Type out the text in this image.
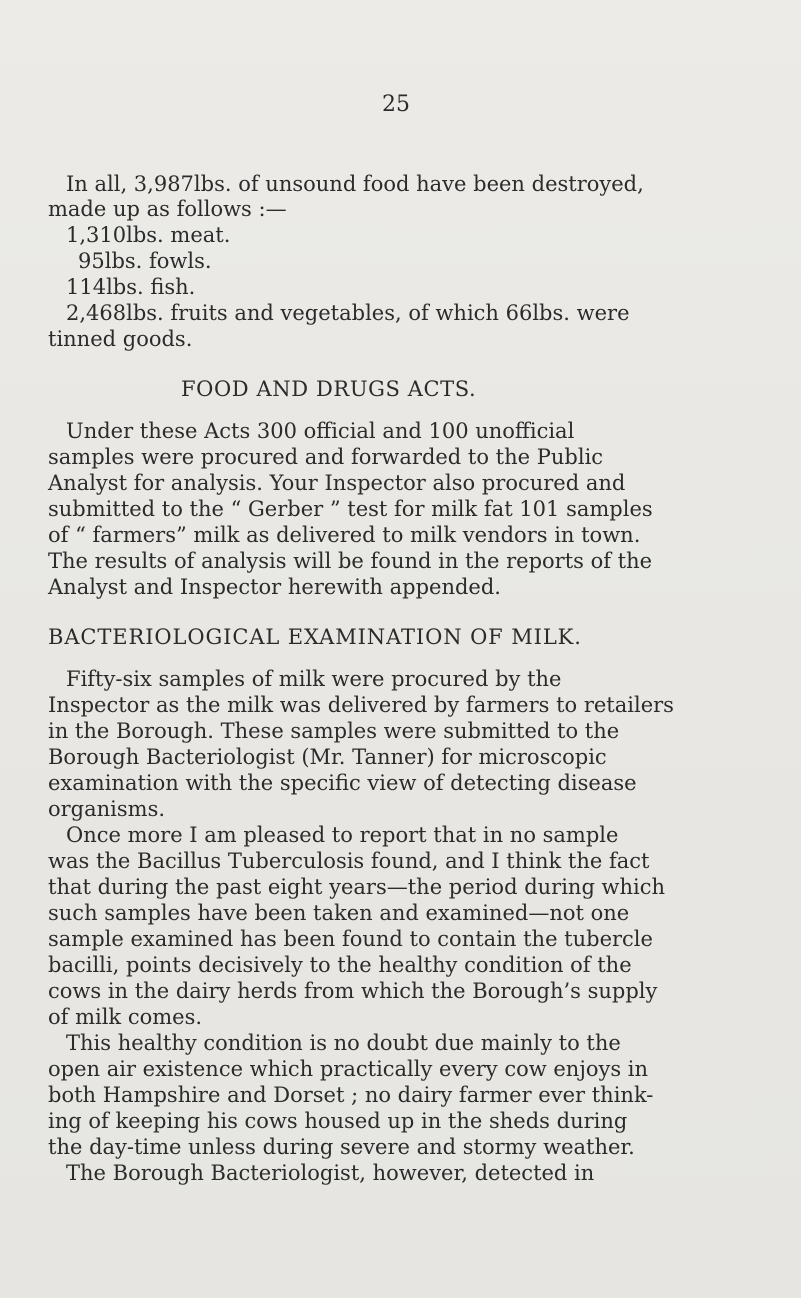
25
In all, 3,987lbs. of unsound food have been destroyed,
made up as follows :—
1,310lbs. meat.
95lbs. fowls.
114lbs. fish.
2,468lbs. fruits and vegetables, of which 66lbs. were
tinned goods.
FOOD AND DRUGS ACTS.
Under these Acts 300 official and 100 unofficial
samples were procured and forwarded to the Public
Analyst for analysis. Your Inspector also procured and
submitted to the “ Gerber ” test for milk fat 101 samples
of “ farmers” milk as delivered to milk vendors in town.
The results of analysis will be found in the reports of the
Analyst and Inspector herewith appended.
BACTERIOLOGICAL EXAMINATION OF MILK.
Fifty-six samples of milk were procured by the
Inspector as the milk was delivered by farmers to retailers
in the Borough. These samples were submitted to the
Borough Bacteriologist (Mr. Tanner) for microscopic
examination with the specific view of detecting disease
organisms.
Once more I am pleased to report that in no sample
was the Bacillus Tuberculosis found, and I think the fact
that during the past eight years—the period during which
such samples have been taken and examined—not one
sample examined has been found to contain the tubercle
bacilli, points decisively to the healthy condition of the
cows in the dairy herds from which the Borough’s supply
of milk comes.
This healthy condition is no doubt due mainly to the
open air existence which practically every cow enjoys in
both Hampshire and Dorset ; no dairy farmer ever think-
ing of keeping his cows housed up in the sheds during
the day-time unless during severe and stormy weather.
The Borough Bacteriologist, however, detected in
